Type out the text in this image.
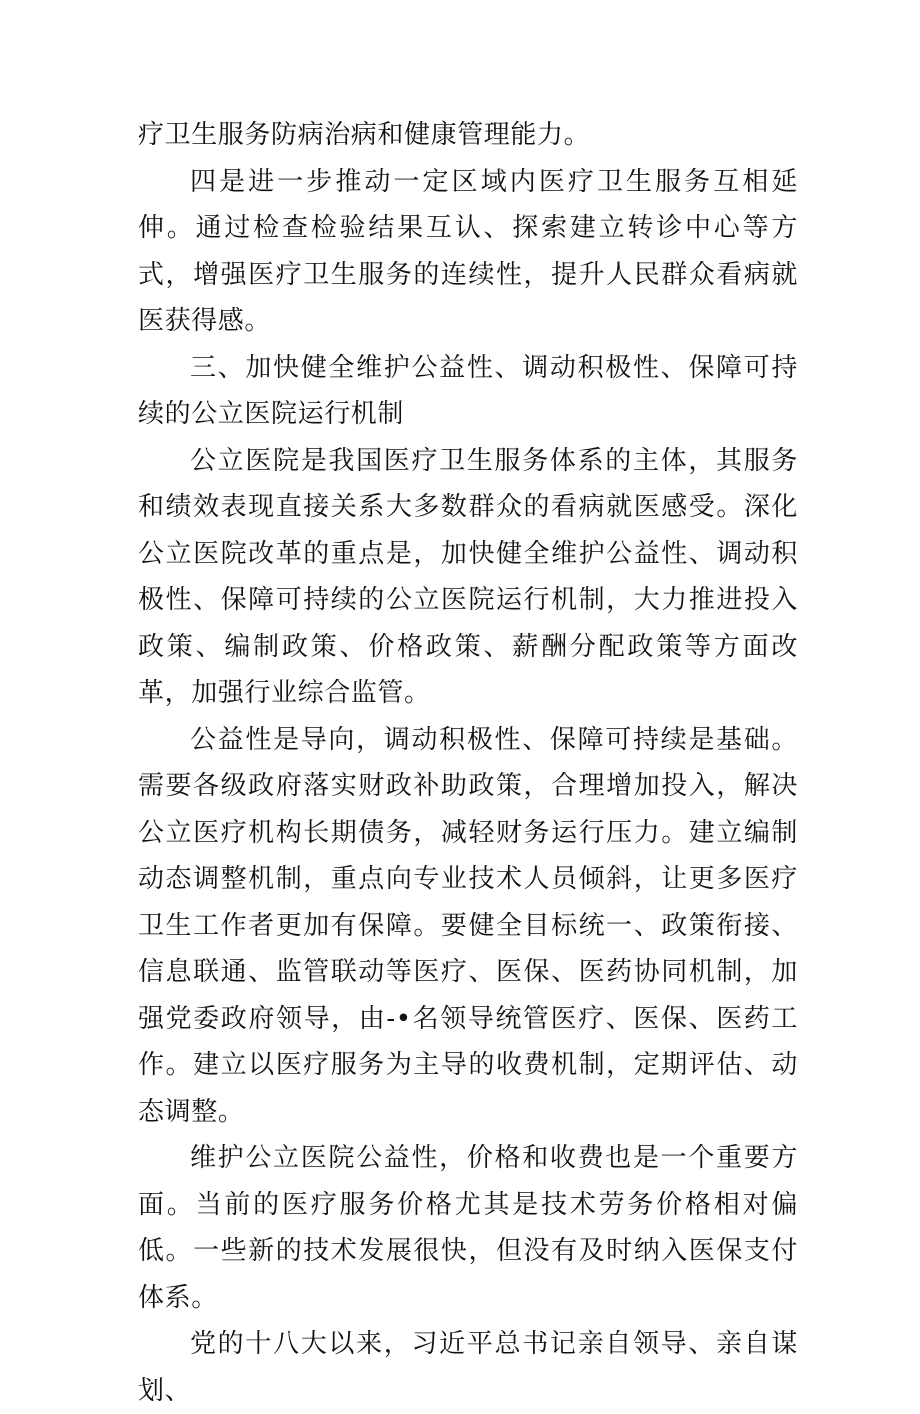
疗卫生服务防病治病和健康管理能力。

四是进一步推动一定区域内医疗卫生服务互相延伸。通过检查检验结果互认、探索建立转诊中心等方式，增强医疗卫生服务的连续性，提升人民群众看病就医获得感。

三、加快健全维护公益性、调动积极性、保障可持续的公立医院运行机制

公立医院是我国医疗卫生服务体系的主体，其服务和绩效表现直接关系大多数群众的看病就医感受。深化公立医院改革的重点是，加快健全维护公益性、调动积极性、保障可持续的公立医院运行机制，大力推进投入政策、编制政策、价格政策、薪酬分配政策等方面改革，加强行业综合监管。

公益性是导向，调动积极性、保障可持续是基础。需要各级政府落实财政补助政策，合理增加投入，解决公立医疗机构长期债务，减轻财务运行压力。建立编制动态调整机制，重点向专业技术人员倾斜，让更多医疗卫生工作者更加有保障。要健全目标统一、政策衔接、信息联通、监管联动等医疗、医保、医药协同机制，加强党委政府领导，由-•名领导统管医疗、医保、医药工作。建立以医疗服务为主导的收费机制，定期评估、动态调整。

维护公立医院公益性，价格和收费也是一个重要方面。当前的医疗服务价格尤其是技术劳务价格相对偏低。一些新的技术发展很快，但没有及时纳入医保支付体系。

党的十八大以来，习近平总书记亲自领导、亲自谋划、
